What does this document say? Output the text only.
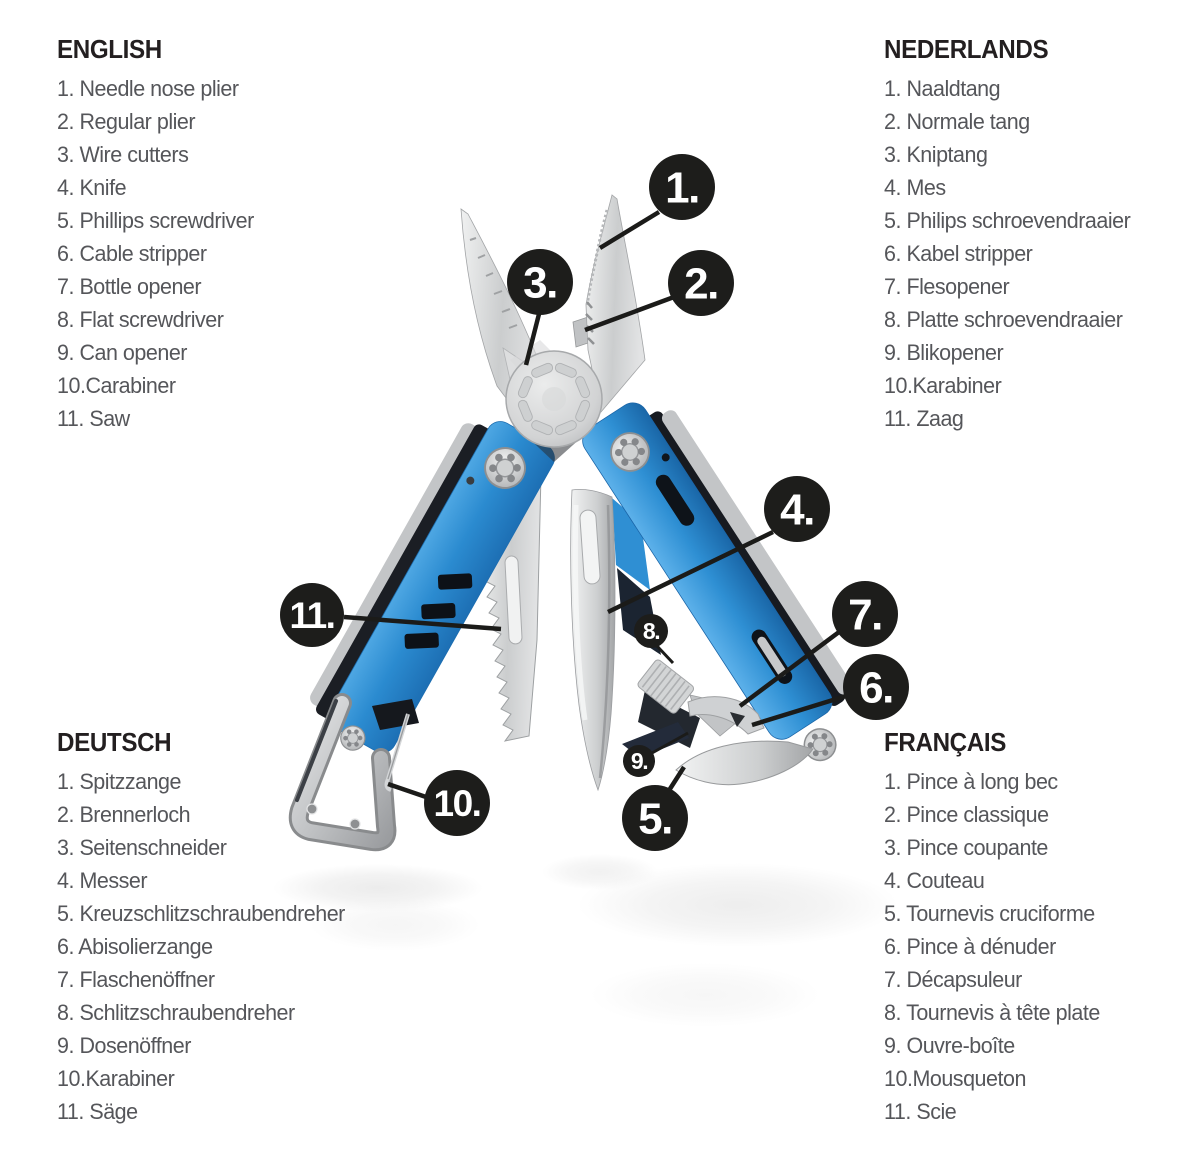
1.
2.
3.
4.
5.
6.
7.
8.
9.
10.
11.
ENGLISH
1. Needle nose plier
2. Regular plier
3. Wire cutters
4. Knife
5. Phillips screwdriver
6. Cable stripper
7. Bottle opener
8. Flat screwdriver
9. Can opener
10.Carabiner
11. Saw
NEDERLANDS
1. Naaldtang
2. Normale tang
3. Kniptang
4. Mes
5. Philips schroevendraaier
6. Kabel stripper
7. Flesopener
8. Platte schroevendraaier
9. Blikopener
10.Karabiner
11. Zaag
DEUTSCH
1. Spitzzange
2. Brennerloch
3. Seitenschneider
4. Messer
5. Kreuzschlitzschraubendreher
6. Abisolierzange
7. Flaschenöffner
8. Schlitzschraubendreher
9. Dosenöffner
10.Karabiner
11. Säge
FRANÇAIS
1. Pince à long bec
2. Pince classique
3. Pince coupante
4. Couteau
5. Tournevis cruciforme
6. Pince à dénuder
7. Décapsuleur
8. Tournevis à tête plate
9. Ouvre-boîte
10.Mousqueton
11. Scie
